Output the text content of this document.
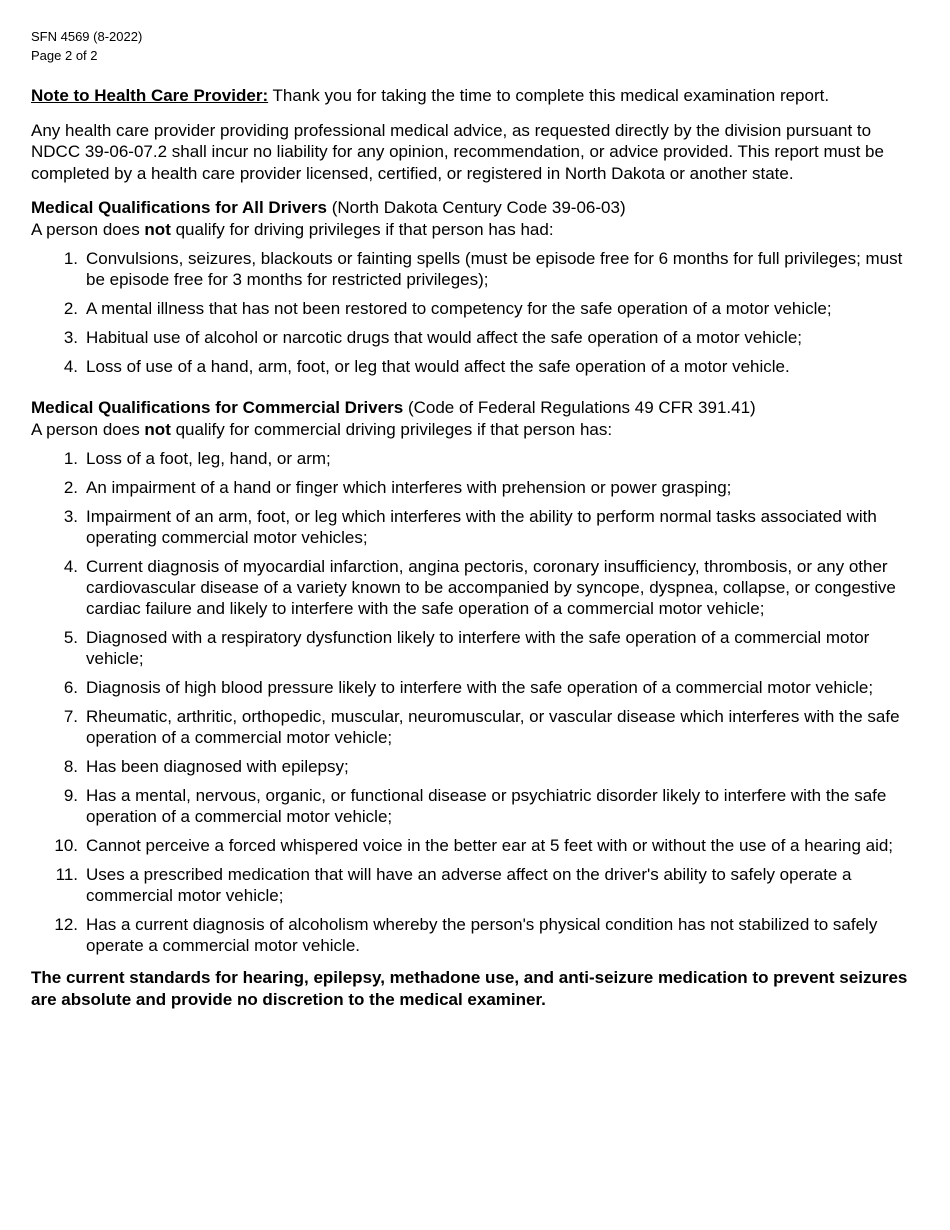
SFN 4569 (8-2022)
Page 2 of 2

Note to Health Care Provider: Thank you for taking the time to complete this medical examination report.

Any health care provider providing professional medical advice, as requested directly by the division pursuant to NDCC 39-06-07.2 shall incur no liability for any opinion, recommendation, or advice provided. This report must be completed by a health care provider licensed, certified, or registered in North Dakota or another state.

Medical Qualifications for All Drivers (North Dakota Century Code 39-06-03)

A person does not qualify for driving privileges if that person has had:

1. Convulsions, seizures, blackouts or fainting spells (must be episode free for 6 months for full privileges; must be episode free for 3 months for restricted privileges);
2. A mental illness that has not been restored to competency for the safe operation of a motor vehicle;
3. Habitual use of alcohol or narcotic drugs that would affect the safe operation of a motor vehicle;
4. Loss of use of a hand, arm, foot, or leg that would affect the safe operation of a motor vehicle.

Medical Qualifications for Commercial Drivers (Code of Federal Regulations 49 CFR 391.41)

A person does not qualify for commercial driving privileges if that person has:

1. Loss of a foot, leg, hand, or arm;
2. An impairment of a hand or finger which interferes with prehension or power grasping;
3. Impairment of an arm, foot, or leg which interferes with the ability to perform normal tasks associated with operating commercial motor vehicles;
4. Current diagnosis of myocardial infarction, angina pectoris, coronary insufficiency, thrombosis, or any other cardiovascular disease of a variety known to be accompanied by syncope, dyspnea, collapse, or congestive cardiac failure and likely to interfere with the safe operation of a commercial motor vehicle;
5. Diagnosed with a respiratory dysfunction likely to interfere with the safe operation of a commercial motor vehicle;
6. Diagnosis of high blood pressure likely to interfere with the safe operation of a commercial motor vehicle;
7. Rheumatic, arthritic, orthopedic, muscular, neuromuscular, or vascular disease which interferes with the safe operation of a commercial motor vehicle;
8. Has been diagnosed with epilepsy;
9. Has a mental, nervous, organic, or functional disease or psychiatric disorder likely to interfere with the safe operation of a commercial motor vehicle;
10. Cannot perceive a forced whispered voice in the better ear at 5 feet with or without the use of a hearing aid;
11. Uses a prescribed medication that will have an adverse affect on the driver's ability to safely operate a commercial motor vehicle;
12. Has a current diagnosis of alcoholism whereby the person's physical condition has not stabilized to safely operate a commercial motor vehicle.

The current standards for hearing, epilepsy, methadone use, and anti-seizure medication to prevent seizures are absolute and provide no discretion to the medical examiner.
